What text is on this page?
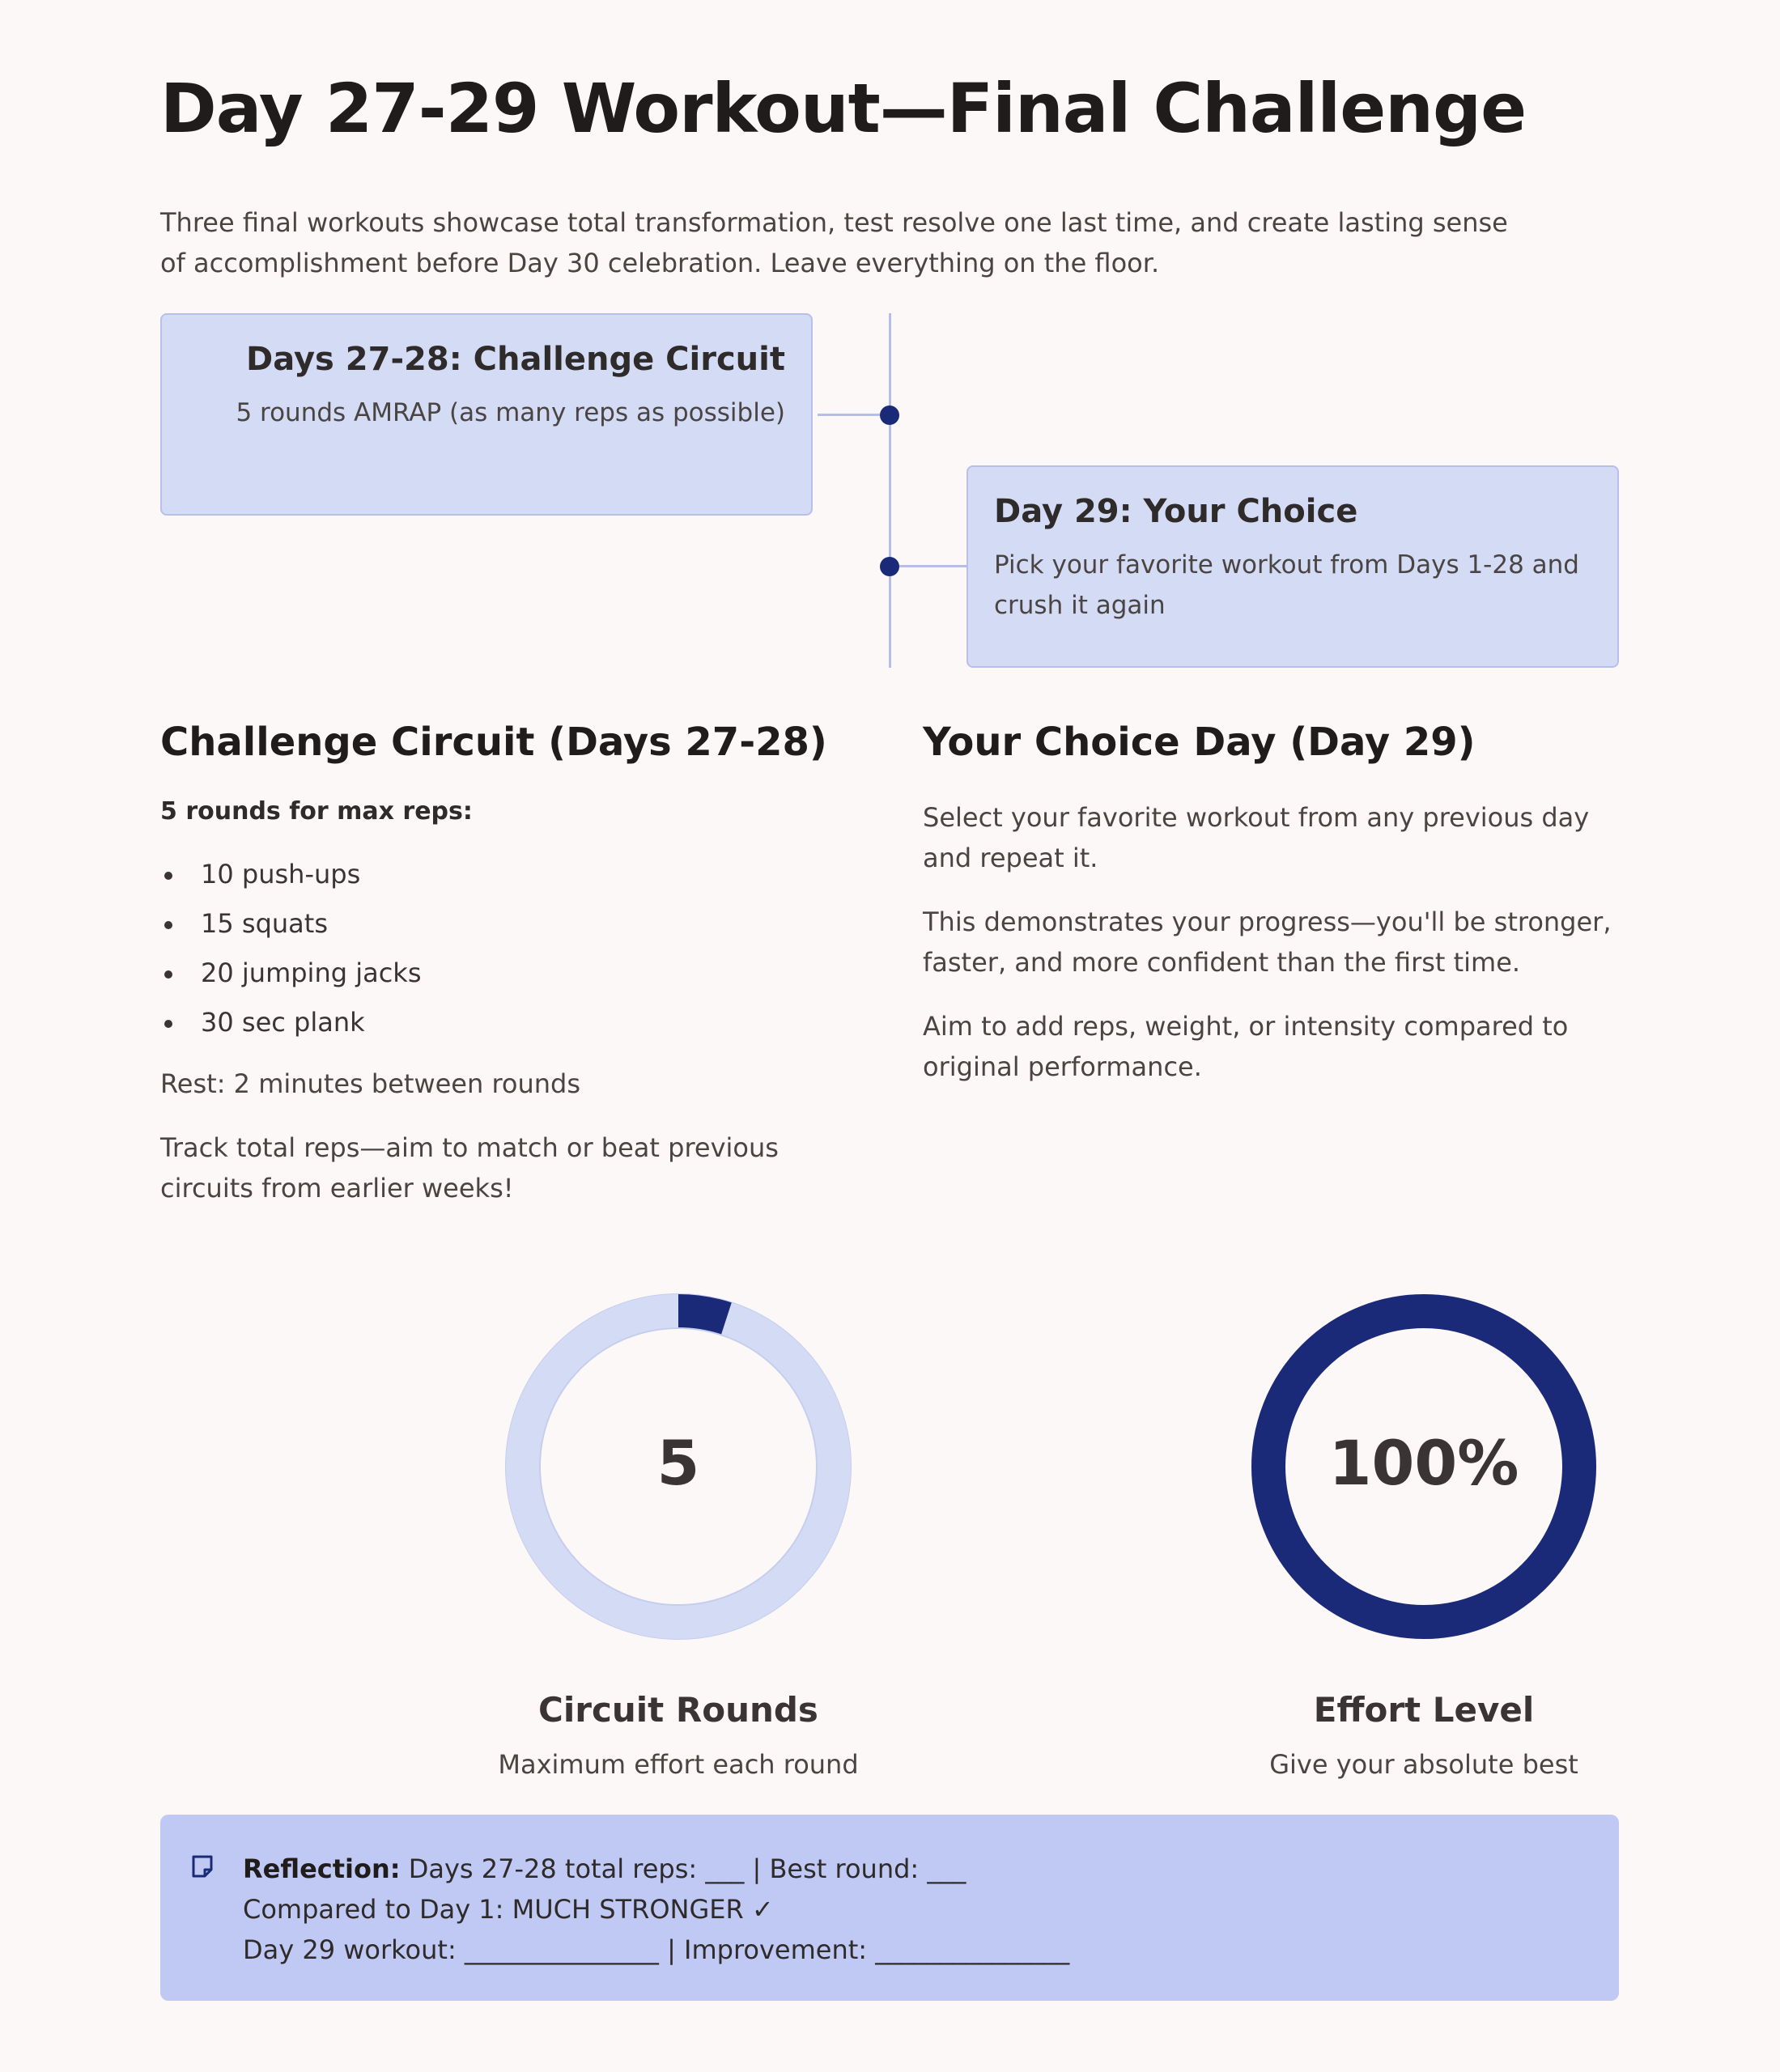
Day 27-29 Workout—Final Challenge

Three final workouts showcase total transformation, test resolve one last time, and create lasting sense of accomplishment before Day 30 celebration. Leave everything on the floor.

Days 27-28: Challenge Circuit

5 rounds AMRAP (as many reps as possible)

Day 29: Your Choice

Pick your favorite workout from Days 1-28 and crush it again

Challenge Circuit (Days 27-28)
5 rounds for max reps:
10 push-ups
15 squats
20 jumping jacks
30 sec plank

Rest: 2 minutes between rounds

Track total reps—aim to match or beat previous circuits from earlier weeks!

Your Choice Day (Day 29)

Select your favorite workout from any previous day and repeat it.

This demonstrates your progress—you'll be stronger, faster, and more confident than the first time.

Aim to add reps, weight, or intensity compared to original performance.

5
Circuit Rounds
Maximum effort each round
100%
Effort Level
Give your absolute best
Reflection: Days 27-28 total reps: ___ | Best round: ___
Compared to Day 1: MUCH STRONGER ✓
Day 29 workout: _______________ | Improvement: _______________
